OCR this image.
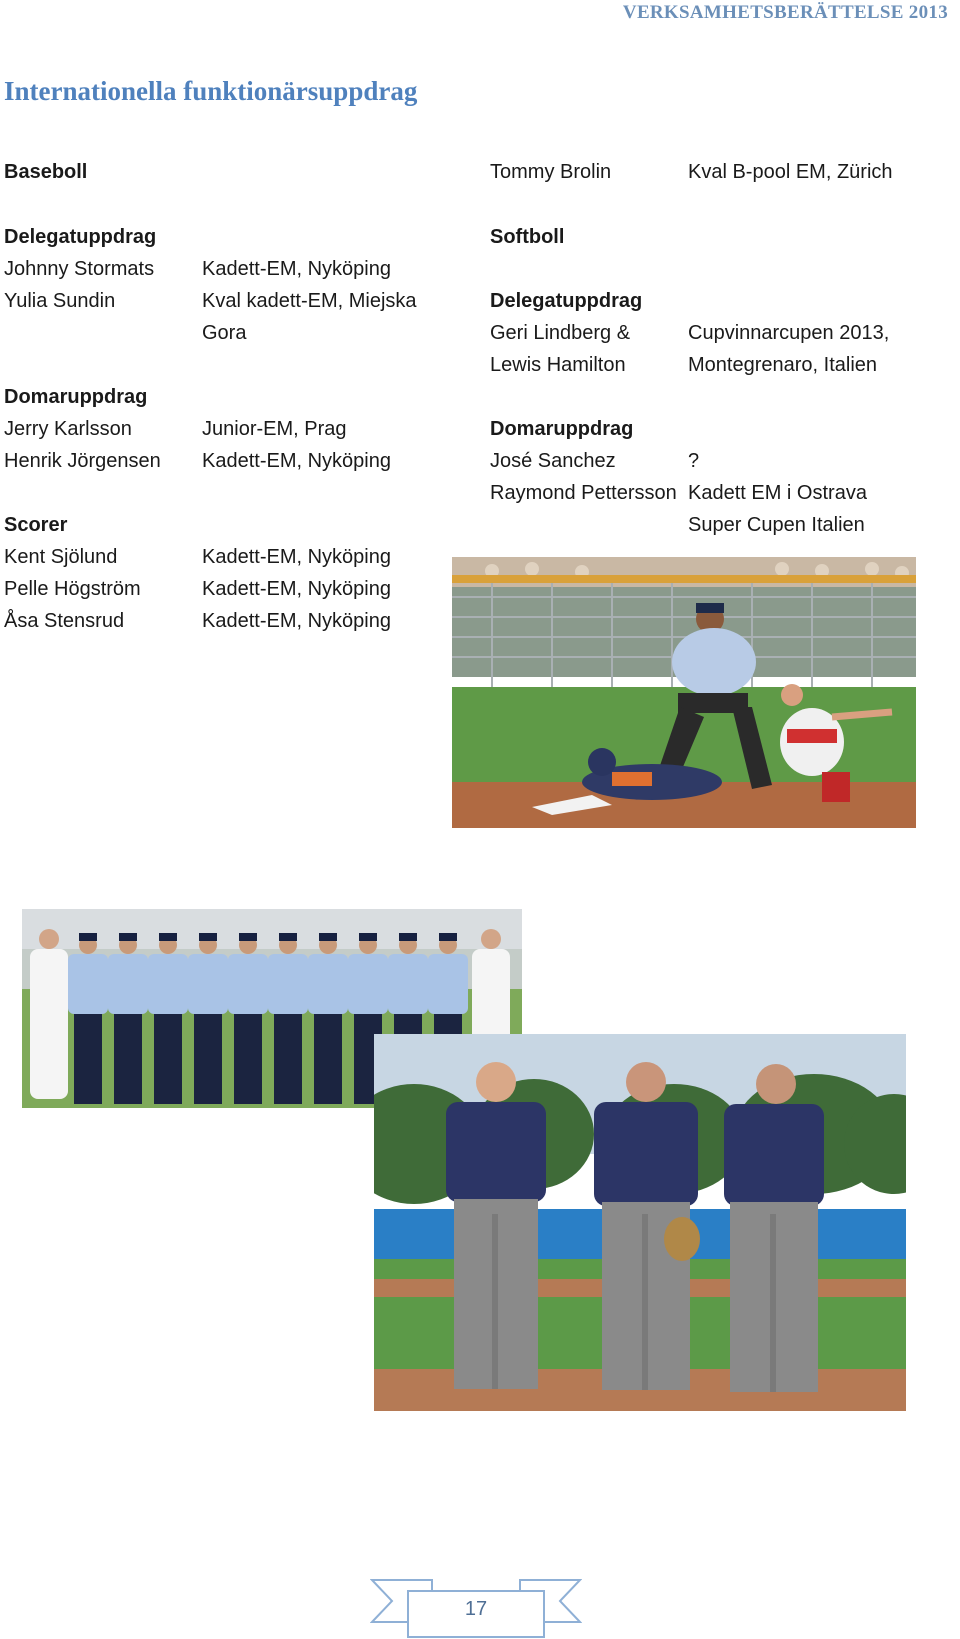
VERKSAMHETSBERÄTTELSE 2013
Internationella funktionärsuppdrag
Baseboll
Delegatuppdrag
Johnny Stormats Kadett-EM, Nyköping
Yulia Sundin	Kval kadett-EM, Miejska
Gora
Domaruppdrag
Jerry Karlsson	Junior-EM, Prag
Henrik Jörgensen Kadett-EM, Nyköping
Scorer
Kent Sjölund	Kadett-EM, Nyköping
Pelle Högström	Kadett-EM, Nyköping
Åsa Stensrud	Kadett-EM, Nyköping
Tommy Brolin	Kval B-pool EM, Zürich
Softboll
Delegatuppdrag
Geri Lindberg &	Cupvinnarcupen 2013,
Lewis Hamilton	Montegrenaro, Italien
Domaruppdrag
José Sanchez	?
Raymond Pettersson Kadett EM i Ostrava
Super Cupen Italien
17
